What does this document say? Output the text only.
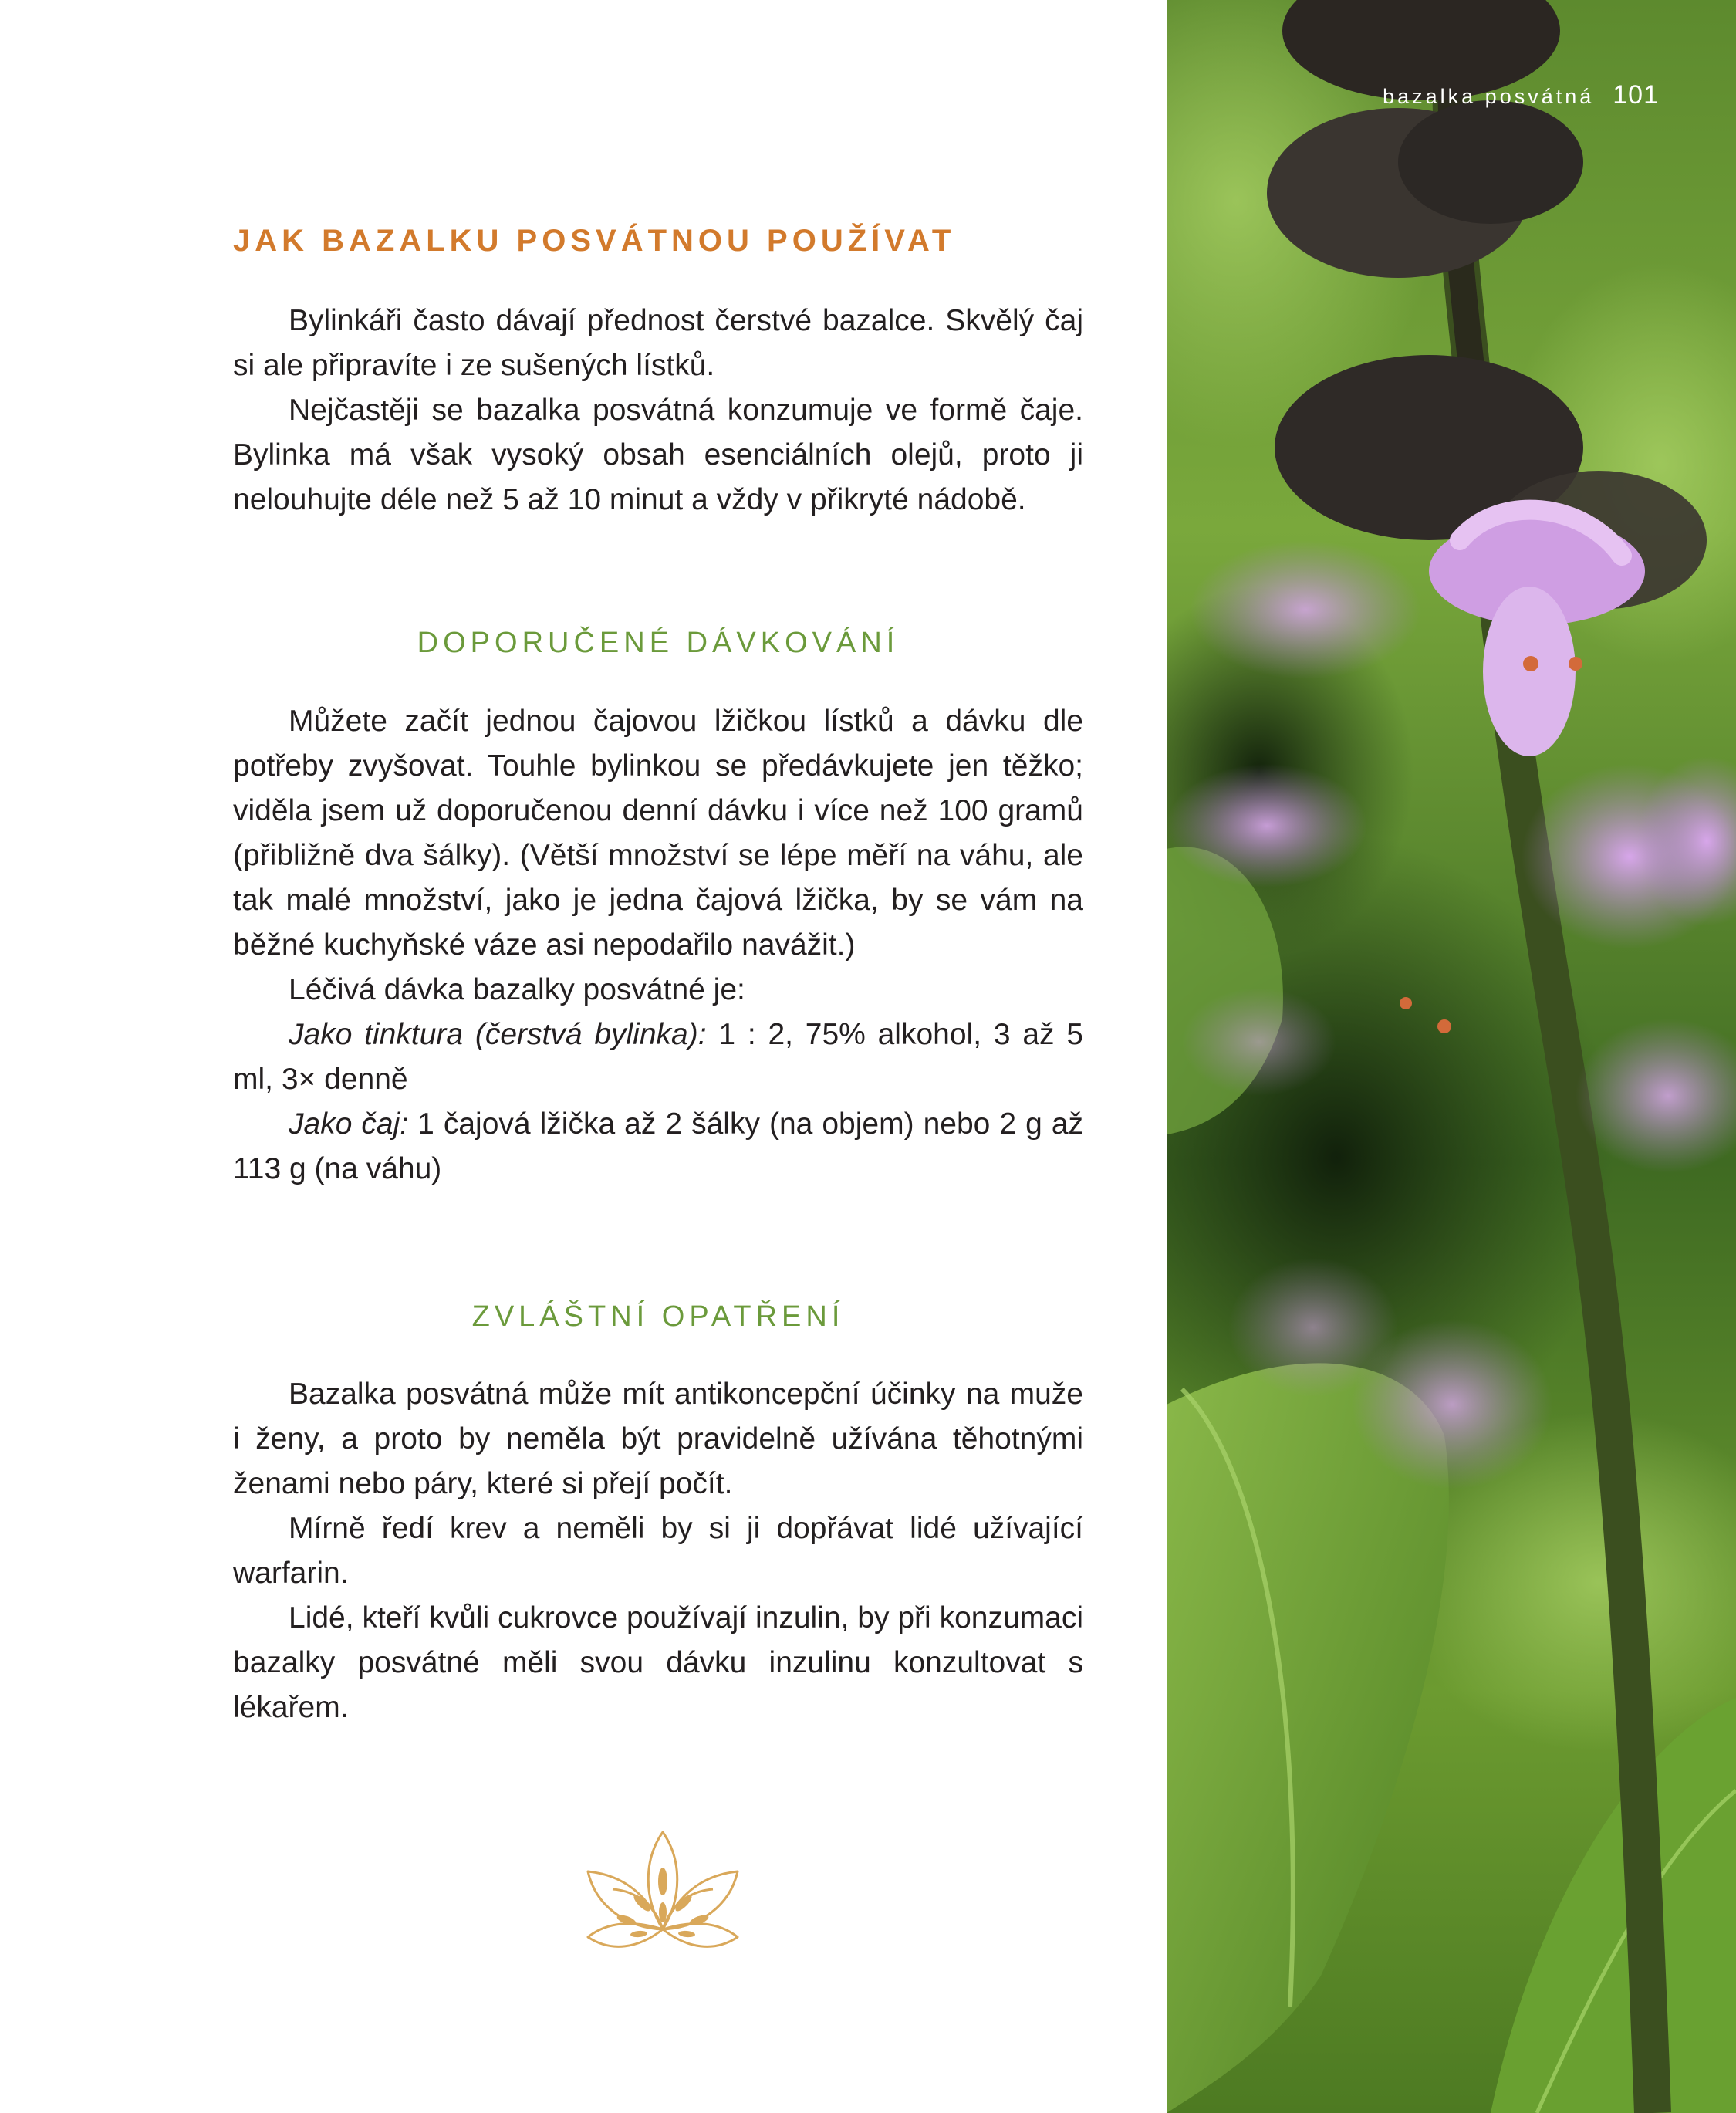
bazalka posvátná 101
JAK BAZALKU POSVÁTNOU POUŽÍVAT

Bylinkáři často dávají přednost čerstvé bazalce. Skvělý čaj si ale připravíte i ze sušených lístků.

Nejčastěji se bazalka posvátná konzumuje ve formě čaje. Bylinka má však vysoký obsah esenciálních olejů, proto ji nelouhujte déle než 5 až 10 minut a vždy v přikryté nádobě.

DOPORUČENÉ DÁVKOVÁNÍ

Můžete začít jednou čajovou lžičkou lístků a dávku dle potřeby zvyšovat. Touhle bylinkou se předávkujete jen těžko; viděla jsem už doporučenou denní dávku i více než 100 gramů (přibližně dva šálky). (Větší množství se lépe měří na váhu, ale tak malé množství, jako je jedna čajová lžička, by se vám na běžné kuchyňské váze asi nepodařilo navážit.)

Léčivá dávka bazalky posvátné je:

Jako tinktura (čerstvá bylinka): 1 : 2, 75% alkohol, 3 až 5 ml, 3× denně

Jako čaj: 1 čajová lžička až 2 šálky (na objem) nebo 2 g až 113 g (na váhu)

ZVLÁŠTNÍ OPATŘENÍ

Bazalka posvátná může mít antikoncepční účinky na muže i ženy, a proto by neměla být pravidelně užívána těhotnými ženami nebo páry, které si přejí počít.

Mírně ředí krev a neměli by si ji dopřávat lidé užívající warfarin.

Lidé, kteří kvůli cukrovce používají inzulin, by při konzumaci bazalky posvátné měli svou dávku inzulinu konzultovat s lékařem.
